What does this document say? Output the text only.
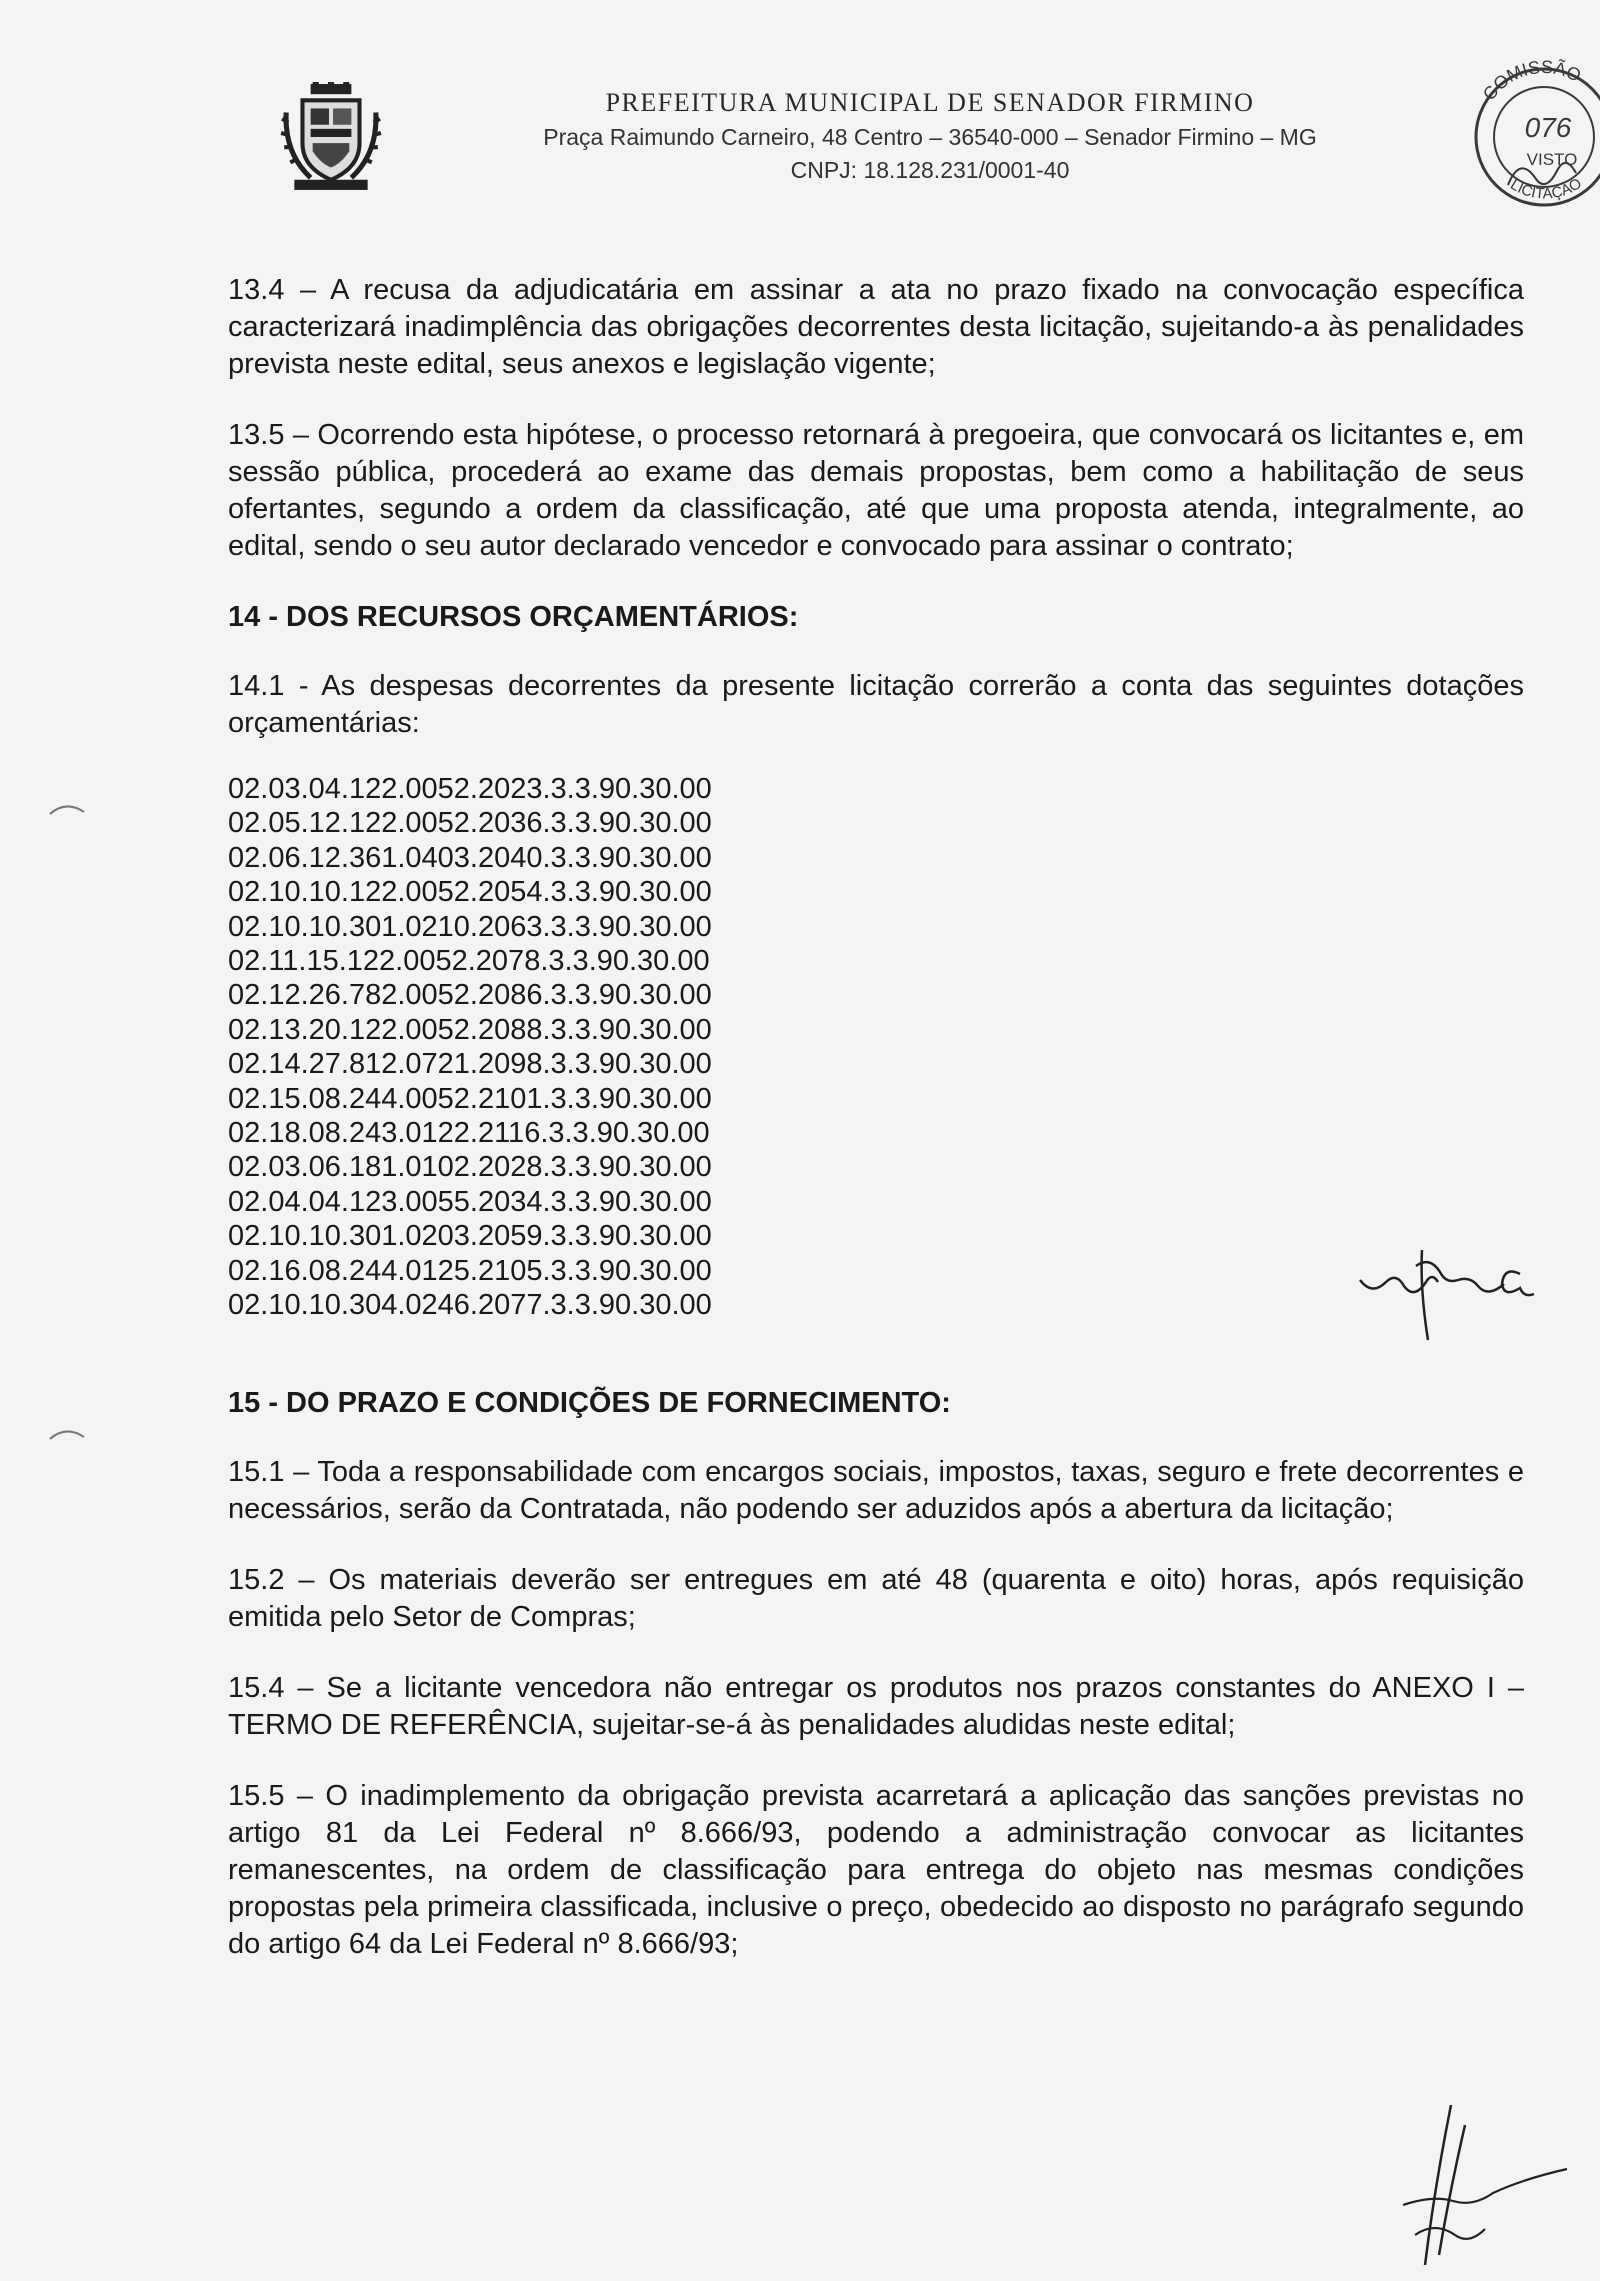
PREFEITURA MUNICIPAL DE SENADOR FIRMINO
Praça Raimundo Carneiro, 48 Centro – 36540-000 – Senador Firmino – MG
CNPJ: 18.128.231/0001-40
COMISSÃO
076
VISTO
LICITAÇÃO

13.4 – A recusa da adjudicatária em assinar a ata no prazo fixado na convocação específica caracterizará inadimplência das obrigações decorrentes desta licitação, sujeitando-a às penalidades prevista neste edital, seus anexos e legislação vigente;

13.5 – Ocorrendo esta hipótese, o processo retornará à pregoeira, que convocará os licitantes e, em sessão pública, procederá ao exame das demais propostas, bem como a habilitação de seus ofertantes, segundo a ordem da classificação, até que uma proposta atenda, integralmente, ao edital, sendo o seu autor declarado vencedor e convocado para assinar o contrato;

14 - DOS RECURSOS ORÇAMENTÁRIOS:

14.1 - As despesas decorrentes da presente licitação correrão a conta das seguintes dotações orçamentárias:

02.03.04.122.0052.2023.3.3.90.30.00
02.05.12.122.0052.2036.3.3.90.30.00
02.06.12.361.0403.2040.3.3.90.30.00
02.10.10.122.0052.2054.3.3.90.30.00
02.10.10.301.0210.2063.3.3.90.30.00
02.11.15.122.0052.2078.3.3.90.30.00
02.12.26.782.0052.2086.3.3.90.30.00
02.13.20.122.0052.2088.3.3.90.30.00
02.14.27.812.0721.2098.3.3.90.30.00
02.15.08.244.0052.2101.3.3.90.30.00
02.18.08.243.0122.2116.3.3.90.30.00
02.03.06.181.0102.2028.3.3.90.30.00
02.04.04.123.0055.2034.3.3.90.30.00
02.10.10.301.0203.2059.3.3.90.30.00
02.16.08.244.0125.2105.3.3.90.30.00
02.10.10.304.0246.2077.3.3.90.30.00

15 - DO PRAZO E CONDIÇÕES DE FORNECIMENTO:

15.1 – Toda a responsabilidade com encargos sociais, impostos, taxas, seguro e frete decorrentes e necessários, serão da Contratada, não podendo ser aduzidos após a abertura da licitação;

15.2 – Os materiais deverão ser entregues em até 48 (quarenta e oito) horas, após requisição emitida pelo Setor de Compras;

15.4 – Se a licitante vencedora não entregar os produtos nos prazos constantes do ANEXO I – TERMO DE REFERÊNCIA, sujeitar-se-á às penalidades aludidas neste edital;

15.5 – O inadimplemento da obrigação prevista acarretará a aplicação das sanções previstas no artigo 81 da Lei Federal nº 8.666/93, podendo a administração convocar as licitantes remanescentes, na ordem de classificação para entrega do objeto nas mesmas condições propostas pela primeira classificada, inclusive o preço, obedecido ao disposto no parágrafo segundo do artigo 64 da Lei Federal nº 8.666/93;
